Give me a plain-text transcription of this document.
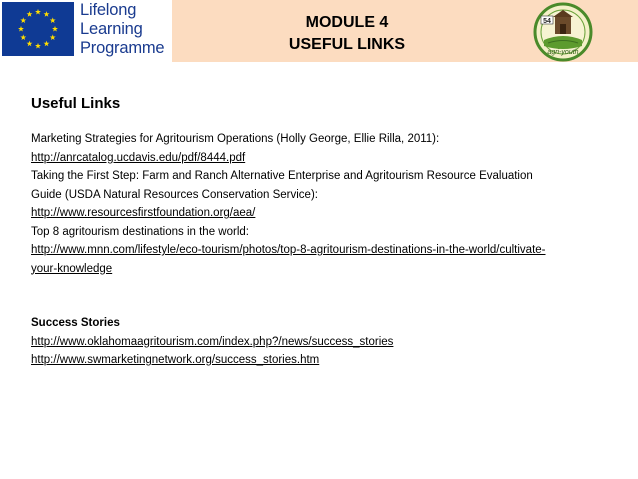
Lifelong
Learning
Programme
MODULE 4
USEFUL LINKS
54
agri-youth
Useful Links

Marketing Strategies for Agritourism Operations (Holly George, Ellie Rilla, 2011):

http://anrcatalog.ucdavis.edu/pdf/8444.pdf

Taking the First Step: Farm and Ranch Alternative Enterprise and Agritourism Resource Evaluation

Guide (USDA Natural Resources Conservation Service):

http://www.resourcesfirstfoundation.org/aea/

Top 8 agritourism destinations in the world:

http://www.mnn.com/lifestyle/eco-tourism/photos/top-8-agritourism-destinations-in-the-world/cultivate-

your-knowledge

Success Stories

http://www.oklahomaagritourism.com/index.php?/news/success_stories

http://www.swmarketingnetwork.org/success_stories.htm
